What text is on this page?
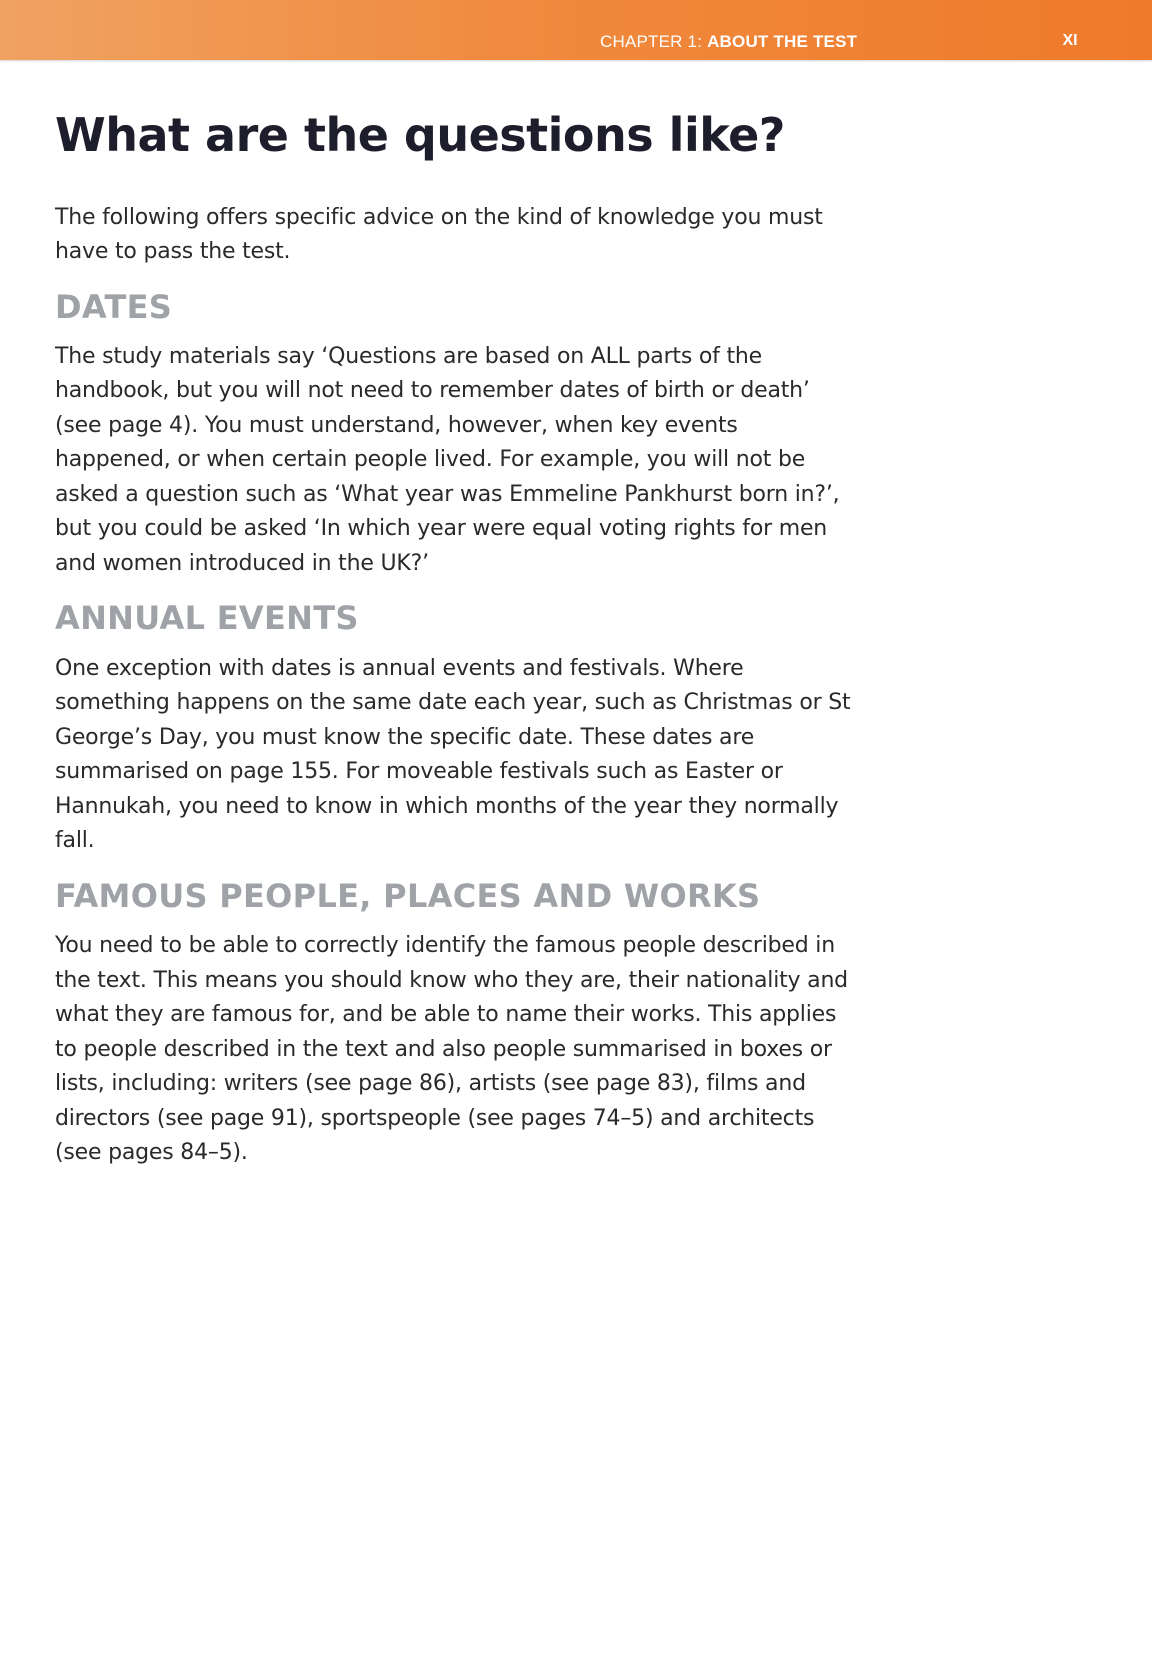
CHAPTER 1: ABOUT THE TEST	XI
What are the questions like?

The following offers specific advice on the kind of knowledge you must have to pass the test.

DATES

The study materials say ‘Questions are based on ALL parts of the handbook, but you will not need to remember dates of birth or death’ (see page 4). You must understand, however, when key events happened, or when certain people lived. For example, you will not be asked a question such as ‘What year was Emmeline Pankhurst born in?’, but you could be asked ‘In which year were equal voting rights for men and women introduced in the UK?’

ANNUAL EVENTS

One exception with dates is annual events and festivals. Where something happens on the same date each year, such as Christmas or St George’s Day, you must know the specific date. These dates are summarised on page 155. For moveable festivals such as Easter or Hannukah, you need to know in which months of the year they normally fall.

FAMOUS PEOPLE, PLACES AND WORKS

You need to be able to correctly identify the famous people described in the text. This means you should know who they are, their nationality and what they are famous for, and be able to name their works. This applies to people described in the text and also people summarised in boxes or lists, including: writers (see page 86), artists (see page 83), films and directors (see page 91), sportspeople (see pages 74–5) and architects (see pages 84–5).
